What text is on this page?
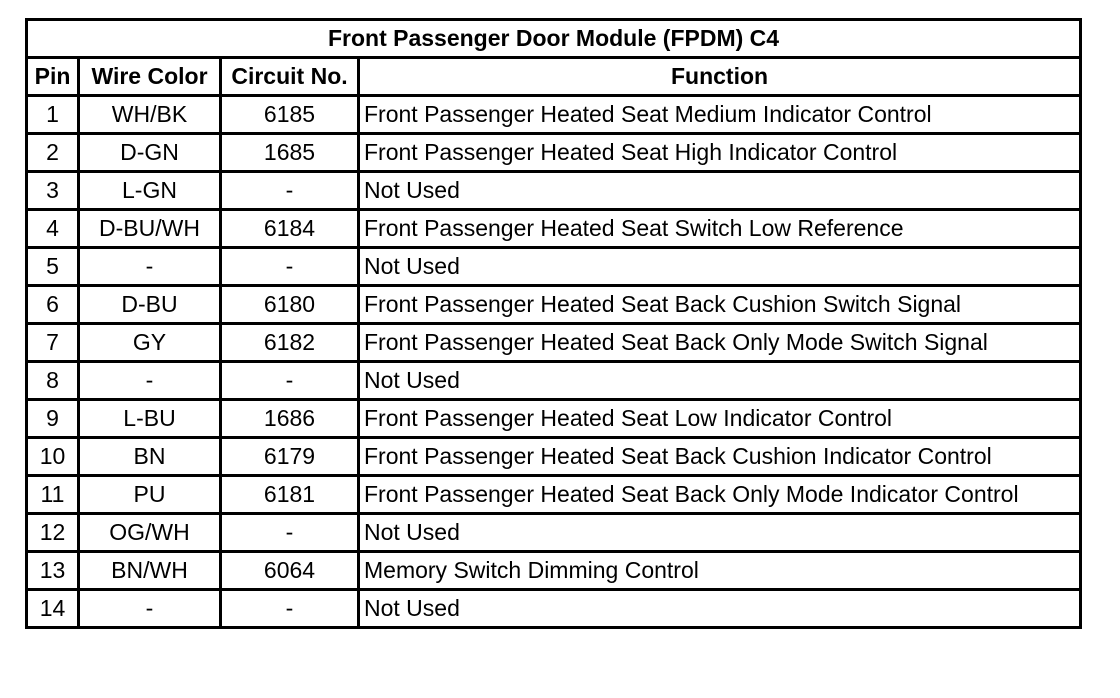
Front Passenger Door Module (FPDM) C4			
Pin	Wire Color	Circuit No.	Function
1	WH/BK	6185	Front Passenger Heated Seat Medium Indicator Control
2	D-GN	1685	Front Passenger Heated Seat High Indicator Control
3	L-GN	-	Not Used
4	D-BU/WH	6184	Front Passenger Heated Seat Switch Low Reference
5	-	-	Not Used
6	D-BU	6180	Front Passenger Heated Seat Back Cushion Switch Signal
7	GY	6182	Front Passenger Heated Seat Back Only Mode Switch Signal
8	-	-	Not Used
9	L-BU	1686	Front Passenger Heated Seat Low Indicator Control
10	BN	6179	Front Passenger Heated Seat Back Cushion Indicator Control
11	PU	6181	Front Passenger Heated Seat Back Only Mode Indicator Control
12	OG/WH	-	Not Used
13	BN/WH	6064	Memory Switch Dimming Control
14	-	-	Not Used
